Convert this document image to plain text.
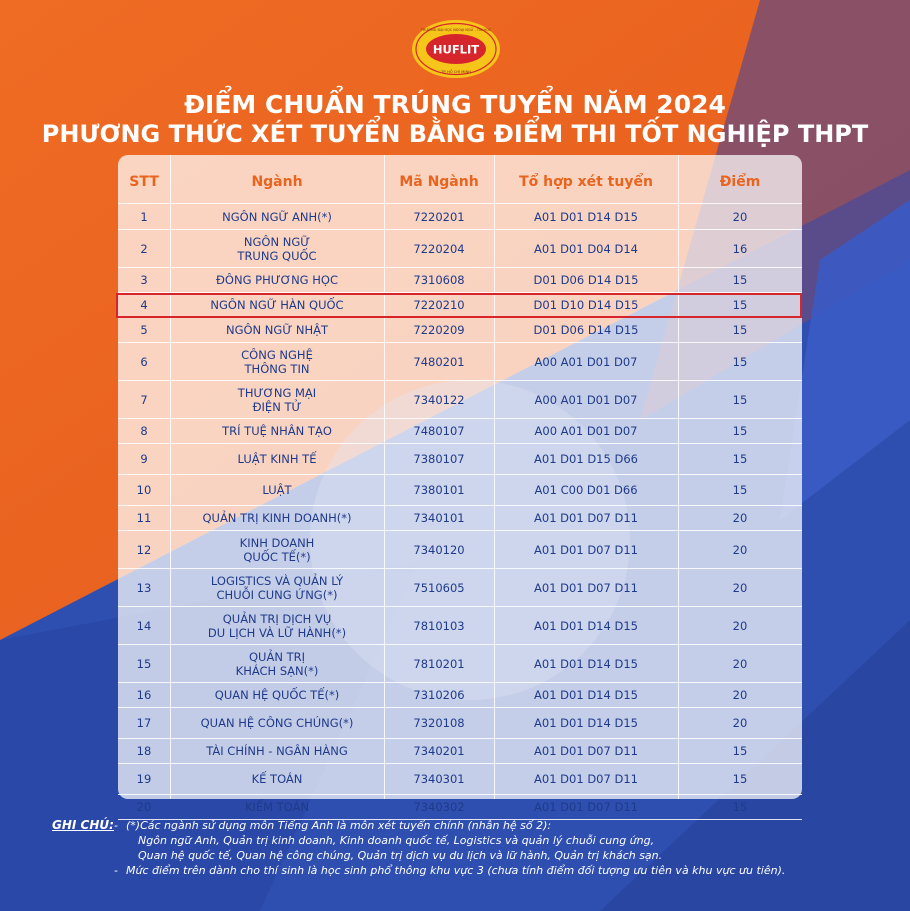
HUFLIT
TRƯỜNG ĐẠI HỌC NGOẠI NGỮ - TIN HỌC
TP. HỒ CHÍ MINH
ĐIỂM CHUẨN TRÚNG TUYỂN NĂM 2024
PHƯƠNG THỨC XÉT TUYỂN BẰNG ĐIỂM THI TỐT NGHIỆP THPT
STT	Ngành	Mã Ngành	Tổ hợp xét tuyển	Điểm
1	NGÔN NGỮ ANH(*)	7220201	A01 D01 D14 D15	20
2	NGÔN NGỮ
TRUNG QUỐC	7220204	A01 D01 D04 D14	16
3	ĐÔNG PHƯƠNG HỌC	7310608	D01 D06 D14 D15	15
4	NGÔN NGỮ HÀN QUỐC	7220210	D01 D10 D14 D15	15
5	NGÔN NGỮ NHẬT	7220209	D01 D06 D14 D15	15
6	CÔNG NGHỆ
THÔNG TIN	7480201	A00 A01 D01 D07	15
7	THƯƠNG MẠI
ĐIỆN TỬ	7340122	A00 A01 D01 D07	15
8	TRÍ TUỆ NHÂN TẠO	7480107	A00 A01 D01 D07	15
9	LUẬT KINH TẾ	7380107	A01 D01 D15 D66	15
10	LUẬT	7380101	A01 C00 D01 D66	15
11	QUẢN TRỊ KINH DOANH(*)	7340101	A01 D01 D07 D11	20
12	KINH DOANH
QUỐC TẾ(*)	7340120	A01 D01 D07 D11	20
13	LOGISTICS VÀ QUẢN LÝ
CHUỖI CUNG ỨNG(*)	7510605	A01 D01 D07 D11	20
14	QUẢN TRỊ DỊCH VỤ
DU LỊCH VÀ LỮ HÀNH(*)	7810103	A01 D01 D14 D15	20
15	QUẢN TRỊ
KHÁCH SẠN(*)	7810201	A01 D01 D14 D15	20
16	QUAN HỆ QUỐC TẾ(*)	7310206	A01 D01 D14 D15	20
17	QUAN HỆ CÔNG CHÚNG(*)	7320108	A01 D01 D14 D15	20
18	TÀI CHÍNH - NGÂN HÀNG	7340201	A01 D01 D07 D11	15
19	KẾ TOÁN	7340301	A01 D01 D07 D11	15
20	KIỂM TOÁN	7340302	A01 D01 D07 D11	15
GHI CHÚ: - (*)Các ngành sử dụng môn Tiếng Anh là môn xét tuyển chính (nhân hệ số 2):
Ngôn ngữ Anh, Quản trị kinh doanh, Kinh doanh quốc tế, Logistics và quản lý chuỗi cung ứng,
Quan hệ quốc tế, Quan hệ công chúng, Quản trị dịch vụ du lịch và lữ hành, Quản trị khách sạn.
- Mức điểm trên dành cho thí sinh là học sinh phổ thông khu vực 3 (chưa tính điểm đối tượng ưu tiên và khu vực ưu tiên).
